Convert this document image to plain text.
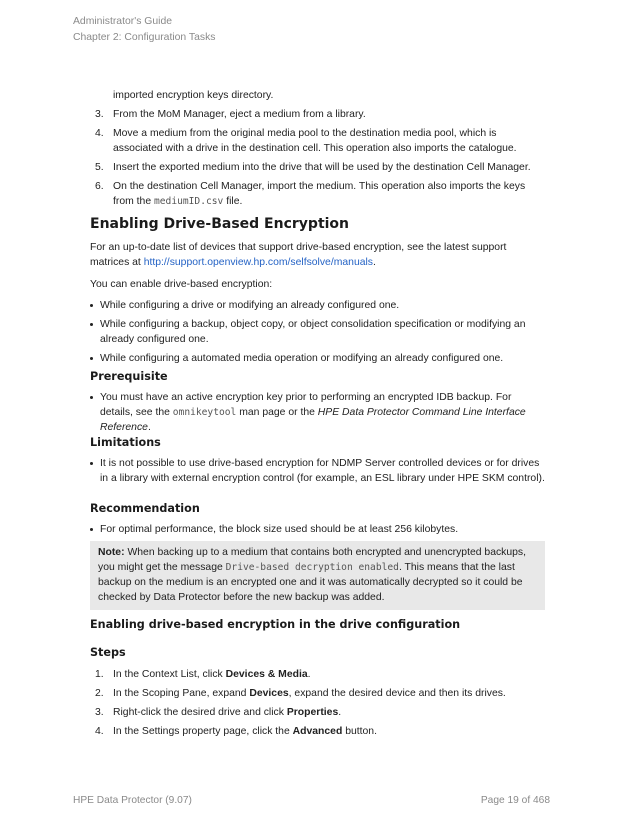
Administrator's Guide
Chapter 2: Configuration Tasks
imported encryption keys directory.
3. From the MoM Manager, eject a medium from a library.
4. Move a medium from the original media pool to the destination media pool, which is associated with a drive in the destination cell. This operation also imports the catalogue.
5. Insert the exported medium into the drive that will be used by the destination Cell Manager.
6. On the destination Cell Manager, import the medium. This operation also imports the keys from the mediumID.csv file.
Enabling Drive-Based Encryption

For an up-to-date list of devices that support drive-based encryption, see the latest support matrices at http://support.openview.hp.com/selfsolve/manuals.

You can enable drive-based encryption:

While configuring a drive or modifying an already configured one.
While configuring a backup, object copy, or object consolidation specification or modifying an already configured one.
While configuring a automated media operation or modifying an already configured one.
Prerequisite
You must have an active encryption key prior to performing an encrypted IDB backup. For details, see the omnikeytool man page or the HPE Data Protector Command Line Interface Reference.
Limitations
It is not possible to use drive-based encryption for NDMP Server controlled devices or for drives in a library with external encryption control (for example, an ESL library under HPE SKM control).
Recommendation
For optimal performance, the block size used should be at least 256 kilobytes.
Note: When backing up to a medium that contains both encrypted and unencrypted backups, you might get the message Drive-based decryption enabled. This means that the last backup on the medium is an encrypted one and it was automatically decrypted so it could be checked by Data Protector before the new backup was added.
Enabling drive-based encryption in the drive configuration
Steps
1. In the Context List, click Devices & Media.
2. In the Scoping Pane, expand Devices, expand the desired device and then its drives.
3. Right-click the desired drive and click Properties.
4. In the Settings property page, click the Advanced button.
HPE Data Protector (9.07)	Page 19 of 468
